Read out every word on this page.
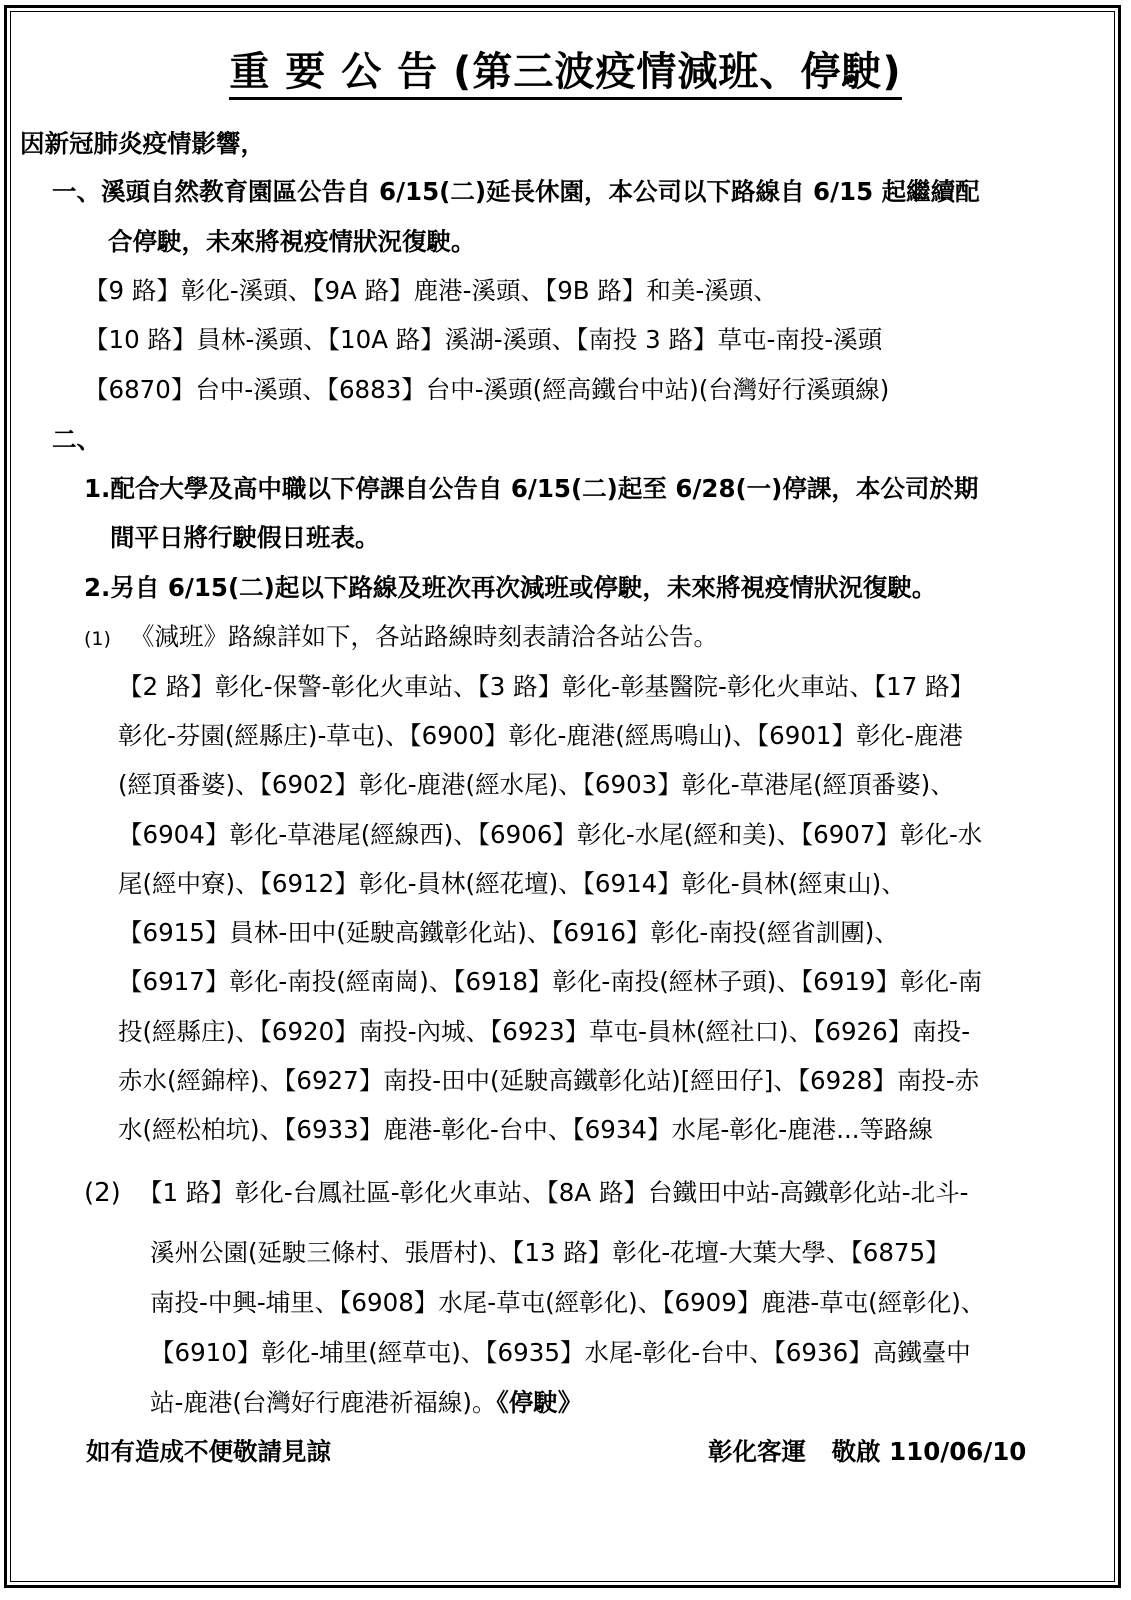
重 要 公 告 (第三波疫情減班、停駛)
因新冠肺炎疫情影響，
一、溪頭自然教育園區公告自 6/15(二)延長休園，本公司以下路線自 6/15 起繼續配
合停駛，未來將視疫情狀況復駛。
【9 路】彰化-溪頭、【9A 路】鹿港-溪頭、【9B 路】和美-溪頭、
【10 路】員林-溪頭、【10A 路】溪湖-溪頭、【南投 3 路】草屯-南投-溪頭
【6870】台中-溪頭、【6883】台中-溪頭(經高鐵台中站)(台灣好行溪頭線)
二、
1.配合大學及高中職以下停課自公告自 6/15(二)起至 6/28(一)停課，本公司於期
間平日將行駛假日班表。
2.另自 6/15(二)起以下路線及班次再次減班或停駛，未來將視疫情狀況復駛。
(1) 《減班》路線詳如下，各站路線時刻表請洽各站公告。
【2 路】彰化-保警-彰化火車站、【3 路】彰化-彰基醫院-彰化火車站、【17 路】
彰化-芬園(經縣庄)-草屯)、【6900】彰化-鹿港(經馬鳴山)、【6901】彰化-鹿港
(經頂番婆)、【6902】彰化-鹿港(經水尾)、【6903】彰化-草港尾(經頂番婆)、
【6904】彰化-草港尾(經線西)、【6906】彰化-水尾(經和美)、【6907】彰化-水
尾(經中寮)、【6912】彰化-員林(經花壇)、【6914】彰化-員林(經東山)、
【6915】員林-田中(延駛高鐵彰化站)、【6916】彰化-南投(經省訓團)、
【6917】彰化-南投(經南崗)、【6918】彰化-南投(經林子頭)、【6919】彰化-南
投(經縣庄)、【6920】南投-內城、【6923】草屯-員林(經社口)、【6926】南投-
赤水(經錦梓)、【6927】南投-田中(延駛高鐵彰化站)[經田仔]、【6928】南投-赤
水(經松柏坑)、【6933】鹿港-彰化-台中、【6934】水尾-彰化-鹿港...等路線
(2) 【1 路】彰化-台鳳社區-彰化火車站、【8A 路】台鐵田中站-高鐵彰化站-北斗-
溪州公園(延駛三條村、張厝村)、【13 路】彰化-花壇-大葉大學、【6875】
南投-中興-埔里、【6908】水尾-草屯(經彰化)、【6909】鹿港-草屯(經彰化)、
【6910】彰化-埔里(經草屯)、【6935】水尾-彰化-台中、【6936】高鐵臺中
站-鹿港(台灣好行鹿港祈福線)。《停駛》
如有造成不便敬請見諒	彰化客運   敬啟 110/06/10
